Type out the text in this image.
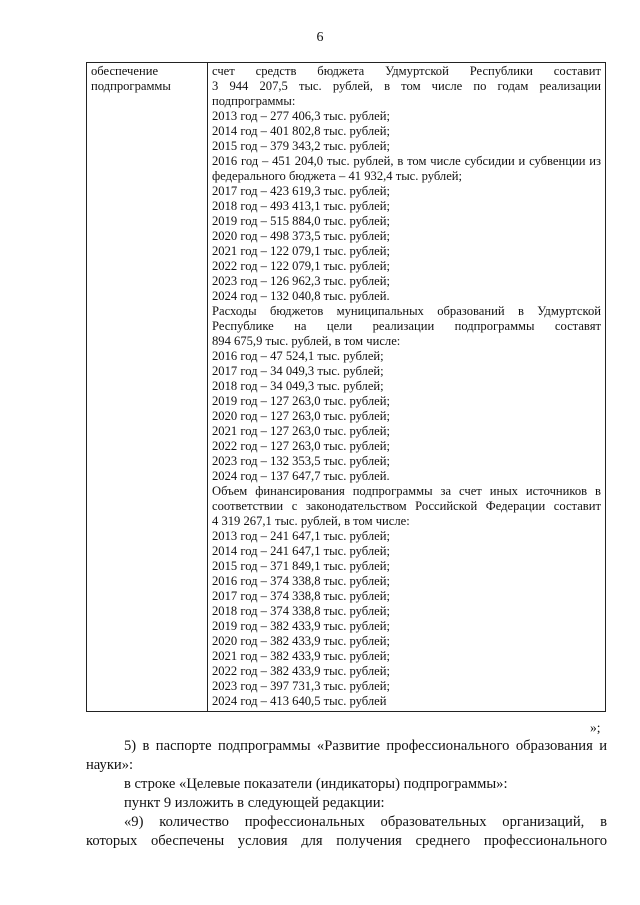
6
обеспечение
подпрограммы

счет средств бюджета Удмуртской Республики составит
3 944 207,5 тыс. рублей, в том числе по годам реализации
подпрограммы:
2013 год – 277 406,3 тыс. рублей;
2014 год – 401 802,8 тыс. рублей;
2015 год – 379 343,2 тыс. рублей;
2016 год – 451 204,0 тыс. рублей, в том числе субсидии и субвенции из
федерального бюджета – 41 932,4 тыс. рублей;
2017 год – 423 619,3 тыс. рублей;
2018 год – 493 413,1 тыс. рублей;
2019 год – 515 884,0 тыс. рублей;
2020 год – 498 373,5 тыс. рублей;
2021 год – 122 079,1 тыс. рублей;
2022 год – 122 079,1 тыс. рублей;
2023 год – 126 962,3 тыс. рублей;
2024 год – 132 040,8 тыс. рублей.
Расходы бюджетов муниципальных образований в Удмуртской
Республике на цели реализации подпрограммы составят
894 675,9 тыс. рублей, в том числе:
2016 год – 47 524,1 тыс. рублей;
2017 год – 34 049,3 тыс. рублей;
2018 год – 34 049,3 тыс. рублей;
2019 год – 127 263,0 тыс. рублей;
2020 год – 127 263,0 тыс. рублей;
2021 год – 127 263,0 тыс. рублей;
2022 год – 127 263,0 тыс. рублей;
2023 год – 132 353,5 тыс. рублей;
2024 год – 137 647,7 тыс. рублей.
Объем финансирования подпрограммы за счет иных источников в
соответствии с законодательством Российской Федерации составит
4 319 267,1 тыс. рублей, в том числе:
2013 год – 241 647,1 тыс. рублей;
2014 год – 241 647,1 тыс. рублей;
2015 год – 371 849,1 тыс. рублей;
2016 год – 374 338,8 тыс. рублей;
2017 год – 374 338,8 тыс. рублей;
2018 год – 374 338,8 тыс. рублей;
2019 год – 382 433,9 тыс. рублей;
2020 год – 382 433,9 тыс. рублей;
2021 год – 382 433,9 тыс. рублей;
2022 год – 382 433,9 тыс. рублей;
2023 год – 397 731,3 тыс. рублей;
2024 год – 413 640,5 тыс. рублей
»;

5) в паспорте подпрограммы «Развитие профессионального образования и науки»:

в строке «Целевые показатели (индикаторы) подпрограммы»:

пункт 9 изложить в следующей редакции:

«9) количество профессиональных образовательных организаций, в

которых обеспечены условия для получения среднего профессионального
